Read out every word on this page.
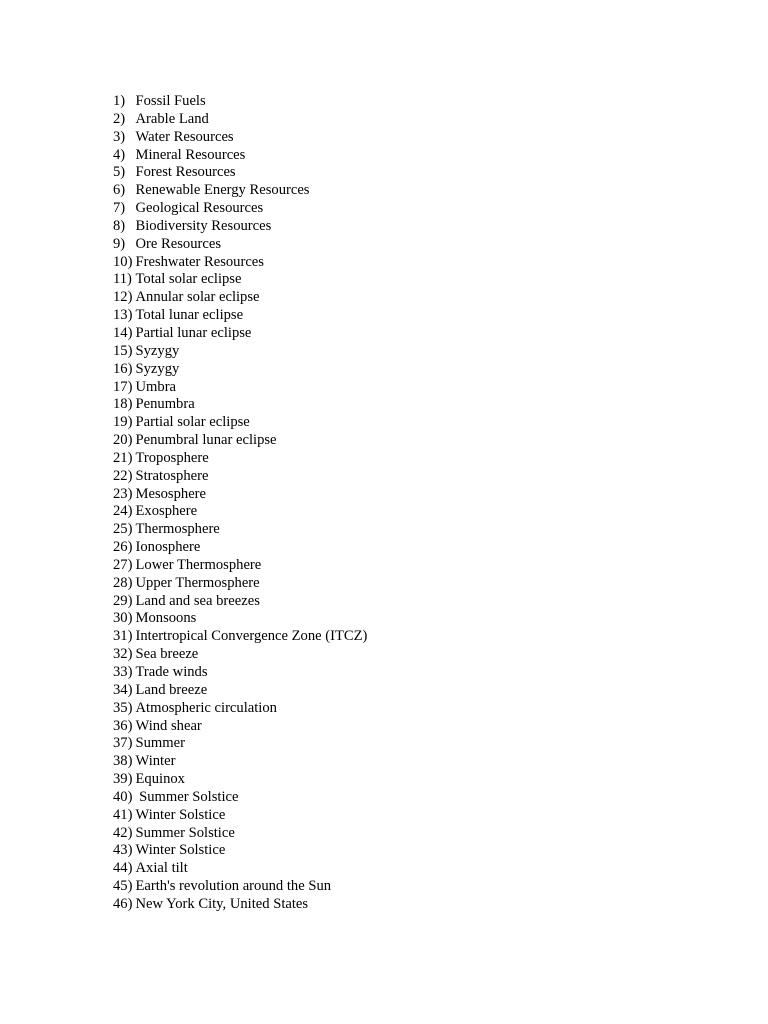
1) Fossil Fuels
2) Arable Land
3) Water Resources
4) Mineral Resources
5) Forest Resources
6) Renewable Energy Resources
7) Geological Resources
8) Biodiversity Resources
9) Ore Resources
10) Freshwater Resources
11) Total solar eclipse
12) Annular solar eclipse
13) Total lunar eclipse
14) Partial lunar eclipse
15) Syzygy
16) Syzygy
17) Umbra
18) Penumbra
19) Partial solar eclipse
20) Penumbral lunar eclipse
21) Troposphere
22) Stratosphere
23) Mesosphere
24) Exosphere
25) Thermosphere
26) Ionosphere
27) Lower Thermosphere
28) Upper Thermosphere
29) Land and sea breezes
30) Monsoons
31) Intertropical Convergence Zone (ITCZ)
32) Sea breeze
33) Trade winds
34) Land breeze
35) Atmospheric circulation
36) Wind shear
37) Summer
38) Winter
39) Equinox
40) Summer Solstice
41) Winter Solstice
42) Summer Solstice
43) Winter Solstice
44) Axial tilt
45) Earth's revolution around the Sun
46) New York City, United States
